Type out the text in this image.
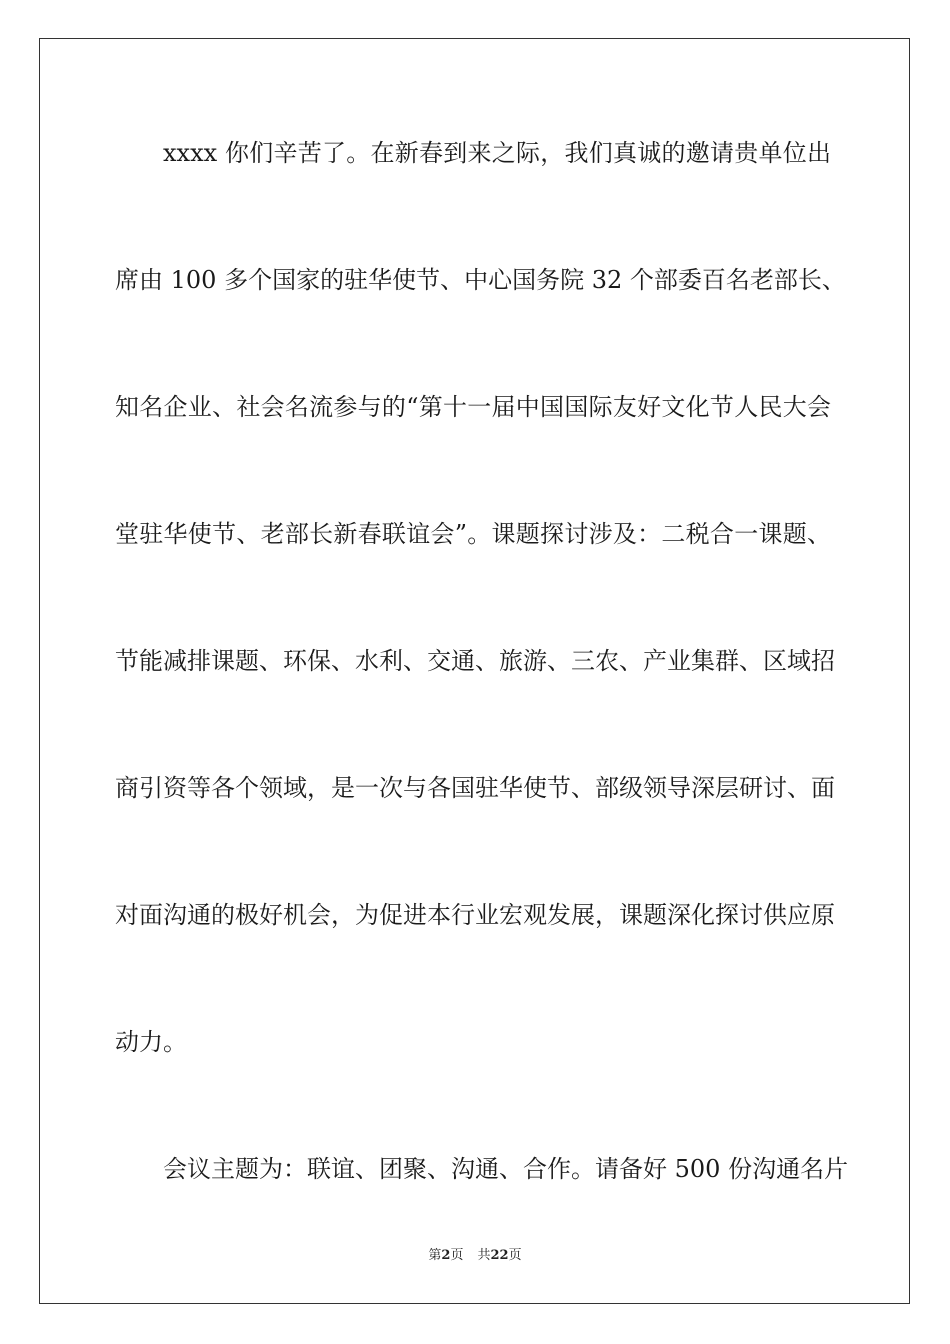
xxxx 你们辛苦了。在新春到来之际，我们真诚的邀请贵单位出
席由 100 多个国家的驻华使节、中心国务院 32 个部委百名老部长、
知名企业、社会名流参与的“第十一届中国国际友好文化节人民大会
堂驻华使节、老部长新春联谊会”。课题探讨涉及：二税合一课题、
节能减排课题、环保、水利、交通、旅游、三农、产业集群、区域招
商引资等各个领域，是一次与各国驻华使节、部级领导深层研讨、面
对面沟通的极好机会，为促进本行业宏观发展，课题深化探讨供应原
动力。
会议主题为：联谊、团聚、沟通、合作。请备好 500 份沟通名片
第2页 共22页
